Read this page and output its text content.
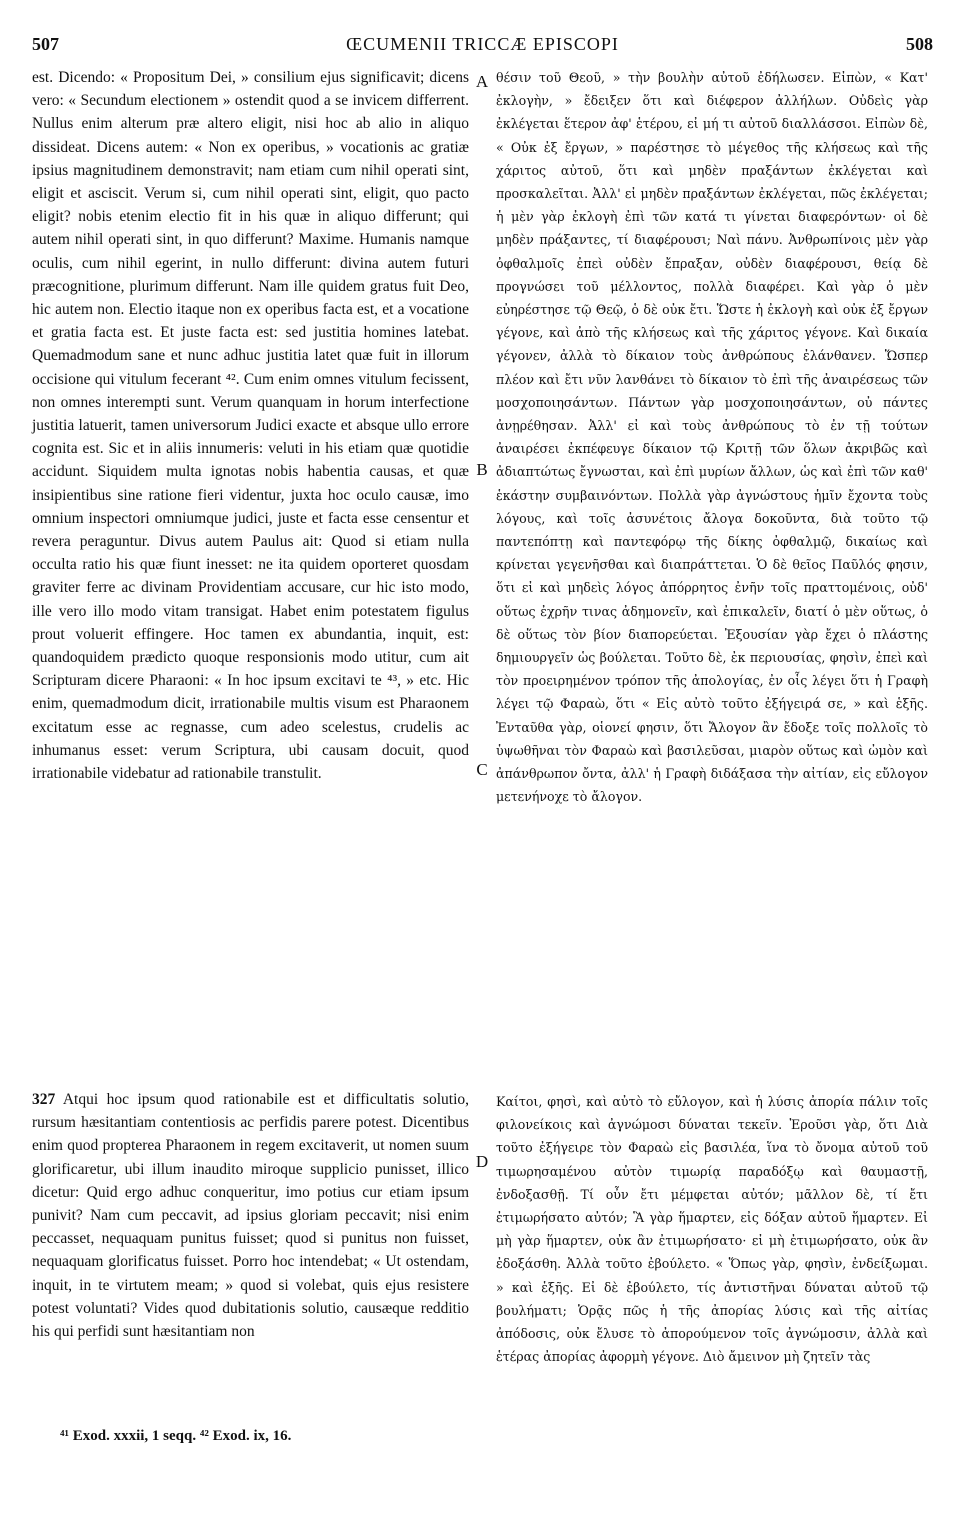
507	ŒCUMENII TRICCÆ EPISCOPI	508
est. Dicendo: « Propositum Dei, » consilium ejus significavit; dicens vero: « Secundum electionem » ostendit quod a se invicem differrent. Nullus enim alterum præ altero eligit, nisi hoc ab alio in aliquo dissideat. Dicens autem: « Non ex operibus, » vocationis ac gratiæ ipsius magnitudinem demonstravit; nam etiam cum nihil operati sint, eligit et asciscit. Verum si, cum nihil operati sint, eligit, quo pacto eligit? nobis etenim electio fit in his quæ in aliquo differunt; qui autem nihil operati sint, in quo differunt? Maxime. Humanis namque oculis, cum nihil egerint, in nullo differunt: divina autem futuri præcognitione, plurimum differunt. Nam ille quidem gratus fuit Deo, hic autem non. Electio itaque non ex operibus facta est, et a vocatione et gratia facta est. Et juste facta est: sed justitia homines latebat. Quemadmodum sane et nunc adhuc justitia latet quæ fuit in illorum occisione qui vitulum fecerant ⁴². Cum enim omnes vitulum fecissent, non omnes interempti sunt. Verum quanquam in horum interfectione justitia latuerit, tamen universorum Judici exacte et absque ullo errore cognita est. Sic et in aliis innumeris: veluti in his etiam quæ quotidie accidunt. Siquidem multa ignotas nobis habentia causas, et quæ insipientibus sine ratione fieri videntur, juxta hoc oculo causæ, imo omnium inspectori omniumque judici, juste et facta esse censentur et revera peraguntur. Divus autem Paulus ait: Quod si etiam nulla occulta ratio his quæ fiunt inesset: ne ita quidem oporteret quosdam graviter ferre ac divinam Providentiam accusare, cur hic isto modo, ille vero illo modo vitam transigat. Habet enim potestatem figulus prout voluerit effingere. Hoc tamen ex abundantia, inquit, est: quandoquidem prædicto quoque responsionis modo utitur, cum ait Scripturam dicere Pharaoni: « In hoc ipsum excitavi te ⁴³, » etc. Hic enim, quemadmodum dicit, irrationabile multis visum est Pharaonem excitatum esse ac regnasse, cum adeo scelestus, crudelis ac inhumanus esset: verum Scriptura, ubi causam docuit, quod irrationabile videbatur ad rationabile transtulit.
θέσιν τοῦ Θεοῦ, » τὴν βουλὴν αὐτοῦ ἐδήλωσεν. Εἰπὼν, « Κατ' ἐκλογὴν, » ἔδειξεν ὅτι καὶ διέφερον ἀλλήλων. Οὐδεὶς γὰρ ἐκλέγεται ἕτερον ἀφ' ἑτέρου, εἰ μή τι αὐτοῦ διαλλάσσοι. Εἰπὼν δὲ, « Οὐκ ἐξ ἔργων, » παρέστησε τὸ μέγεθος τῆς κλήσεως καὶ τῆς χάριτος αὐτοῦ, ὅτι καὶ μηδὲν πραξάντων ἐκλέγεται καὶ προσκαλεῖται. Ἀλλ' εἰ μηδὲν πραξάντων ἐκλέγεται, πῶς ἐκλέγεται; ἡ μὲν γὰρ ἐκλογὴ ἐπὶ τῶν κατά τι γίνεται διαφερόντων· οἱ δὲ μηδὲν πράξαντες, τί διαφέρουσι; Ναὶ πάνυ. Ἀνθρωπίνοις μὲν γὰρ ὀφθαλμοῖς ἐπεὶ οὐδὲν ἔπραξαν, οὐδὲν διαφέρουσι, θείᾳ δὲ προγνώσει τοῦ μέλλοντος, πολλὰ διαφέρει. Καὶ γὰρ ὁ μὲν εὐηρέστησε τῷ Θεῷ, ὁ δὲ οὐκ ἔτι. Ὥστε ἡ ἐκλογὴ καὶ οὐκ ἐξ ἔργων γέγονε, καὶ ἀπὸ τῆς κλήσεως καὶ τῆς χάριτος γέγονε. Καὶ δικαία γέγονεν, ἀλλὰ τὸ δίκαιον τοὺς ἀνθρώπους ἐλάνθανεν. Ὥσπερ πλέον καὶ ἔτι νῦν λανθάνει τὸ δίκαιον τὸ ἐπὶ τῆς ἀναιρέσεως τῶν μοσχοποιησάντων. Πάντων γὰρ μοσχοποιησάντων, οὐ πάντες ἀνῃρέθησαν. Ἀλλ' εἰ καὶ τοὺς ἀνθρώπους τὸ ἐν τῇ τούτων ἀναιρέσει ἐκπέφευγε δίκαιον τῷ Κριτῇ τῶν ὅλων ἀκριβῶς καὶ ἀδιαπτώτως ἔγνωσται, καὶ ἐπὶ μυρίων ἄλλων, ὡς καὶ ἐπὶ τῶν καθ' ἑκάστην συμβαινόντων. Πολλὰ γὰρ ἀγνώστους ἡμῖν ἔχοντα τοὺς λόγους, καὶ τοῖς ἀσυνέτοις ἄλογα δοκοῦντα, διὰ τοῦτο τῷ παντεπόπτῃ καὶ παντεφόρῳ τῆς δίκης ὀφθαλμῷ, δικαίως καὶ κρίνεται γεγενῆσθαι καὶ διαπράττεται. Ὁ δὲ θεῖος Παῦλός φησιν, ὅτι εἰ καὶ μηδεὶς λόγος ἀπόρρητος ἐνῆν τοῖς πραττομένοις, οὐδ' οὕτως ἐχρῆν τινας ἀδημονεῖν, καὶ ἐπικαλεῖν, διατί ὁ μὲν οὕτως, ὁ δὲ οὕτως τὸν βίον διαπορεύεται. Ἐξουσίαν γὰρ ἔχει ὁ πλάστης δημιουργεῖν ὡς βούλεται. Τοῦτο δὲ, ἐκ περιουσίας, φησὶν, ἐπεὶ καὶ τὸν προειρημένον τρόπον τῆς ἀπολογίας, ἐν οἷς λέγει ὅτι ἡ Γραφὴ λέγει τῷ Φαραὼ, ὅτι « Εἰς αὐτὸ τοῦτο ἐξήγειρά σε, » καὶ ἑξῆς. Ἐνταῦθα γὰρ, οἱονεί φησιν, ὅτι Ἄλογον ἂν ἔδοξε τοῖς πολλοῖς τὸ ὑψωθῆναι τὸν Φαραὼ καὶ βασιλεῦσαι, μιαρὸν οὕτως καὶ ὠμὸν καὶ ἀπάνθρωπον ὄντα, ἀλλ' ἡ Γραφὴ διδάξασα τὴν αἰτίαν, εἰς εὔλογον μετενήνοχε τὸ ἄλογον.
A
B
C
D
327 Atqui hoc ipsum quod rationabile est et difficultatis solutio, rursum hæsitantiam contentiosis ac perfidis parere potest. Dicentibus enim quod propterea Pharaonem in regem excitaverit, ut nomen suum glorificaretur, ubi illum inaudito miroque supplicio punisset, illico dicetur: Quid ergo adhuc conqueritur, imo potius cur etiam ipsum punivit? Nam cum peccavit, ad ipsius gloriam peccavit; nisi enim peccasset, nequaquam punitus fuisset; quod si punitus non fuisset, nequaquam glorificatus fuisset. Porro hoc intendebat; « Ut ostendam, inquit, in te virtutem meam; » quod si volebat, quis ejus resistere potest voluntati? Vides quod dubitationis solutio, causæque redditio his qui perfidi sunt hæsitantiam non
Καίτοι, φησὶ, καὶ αὐτὸ τὸ εὔλογον, καὶ ἡ λύσις ἀπορία πάλιν τοῖς φιλονείκοις καὶ ἀγνώμοσι δύναται τεκεῖν. Ἐροῦσι γὰρ, ὅτι Διὰ τοῦτο ἐξήγειρε τὸν Φαραὼ εἰς βασιλέα, ἵνα τὸ ὄνομα αὐτοῦ τοῦ τιμωρησαμένου αὐτὸν τιμωρίᾳ παραδόξῳ καὶ θαυμαστῇ, ἐνδοξασθῇ. Τί οὖν ἔτι μέμφεται αὐτόν; μᾶλλον δὲ, τί ἔτι ἐτιμωρήσατο αὐτόν; Ἃ γὰρ ἥμαρτεν, εἰς δόξαν αὐτοῦ ἥμαρτεν. Εἰ μὴ γὰρ ἥμαρτεν, οὐκ ἂν ἐτιμωρήσατο· εἰ μὴ ἐτιμωρήσατο, οὐκ ἂν ἐδοξάσθη. Ἀλλὰ τοῦτο ἐβούλετο. « Ὅπως γὰρ, φησὶν, ἐνδείξωμαι. » καὶ ἑξῆς. Εἰ δὲ ἐβούλετο, τίς ἀντιστῆναι δύναται αὐτοῦ τῷ βουλήματι; Ὁρᾷς πῶς ἡ τῆς ἀπορίας λύσις καὶ τῆς αἰτίας ἀπόδοσις, οὐκ ἔλυσε τὸ ἀπορούμενον τοῖς ἀγνώμοσιν, ἀλλὰ καὶ ἑτέρας ἀπορίας ἀφορμὴ γέγονε. Διὸ ἄμεινον μὴ ζητεῖν τὰς
⁴¹ Exod. xxxii, 1 seqq. ⁴² Exod. ix, 16.
